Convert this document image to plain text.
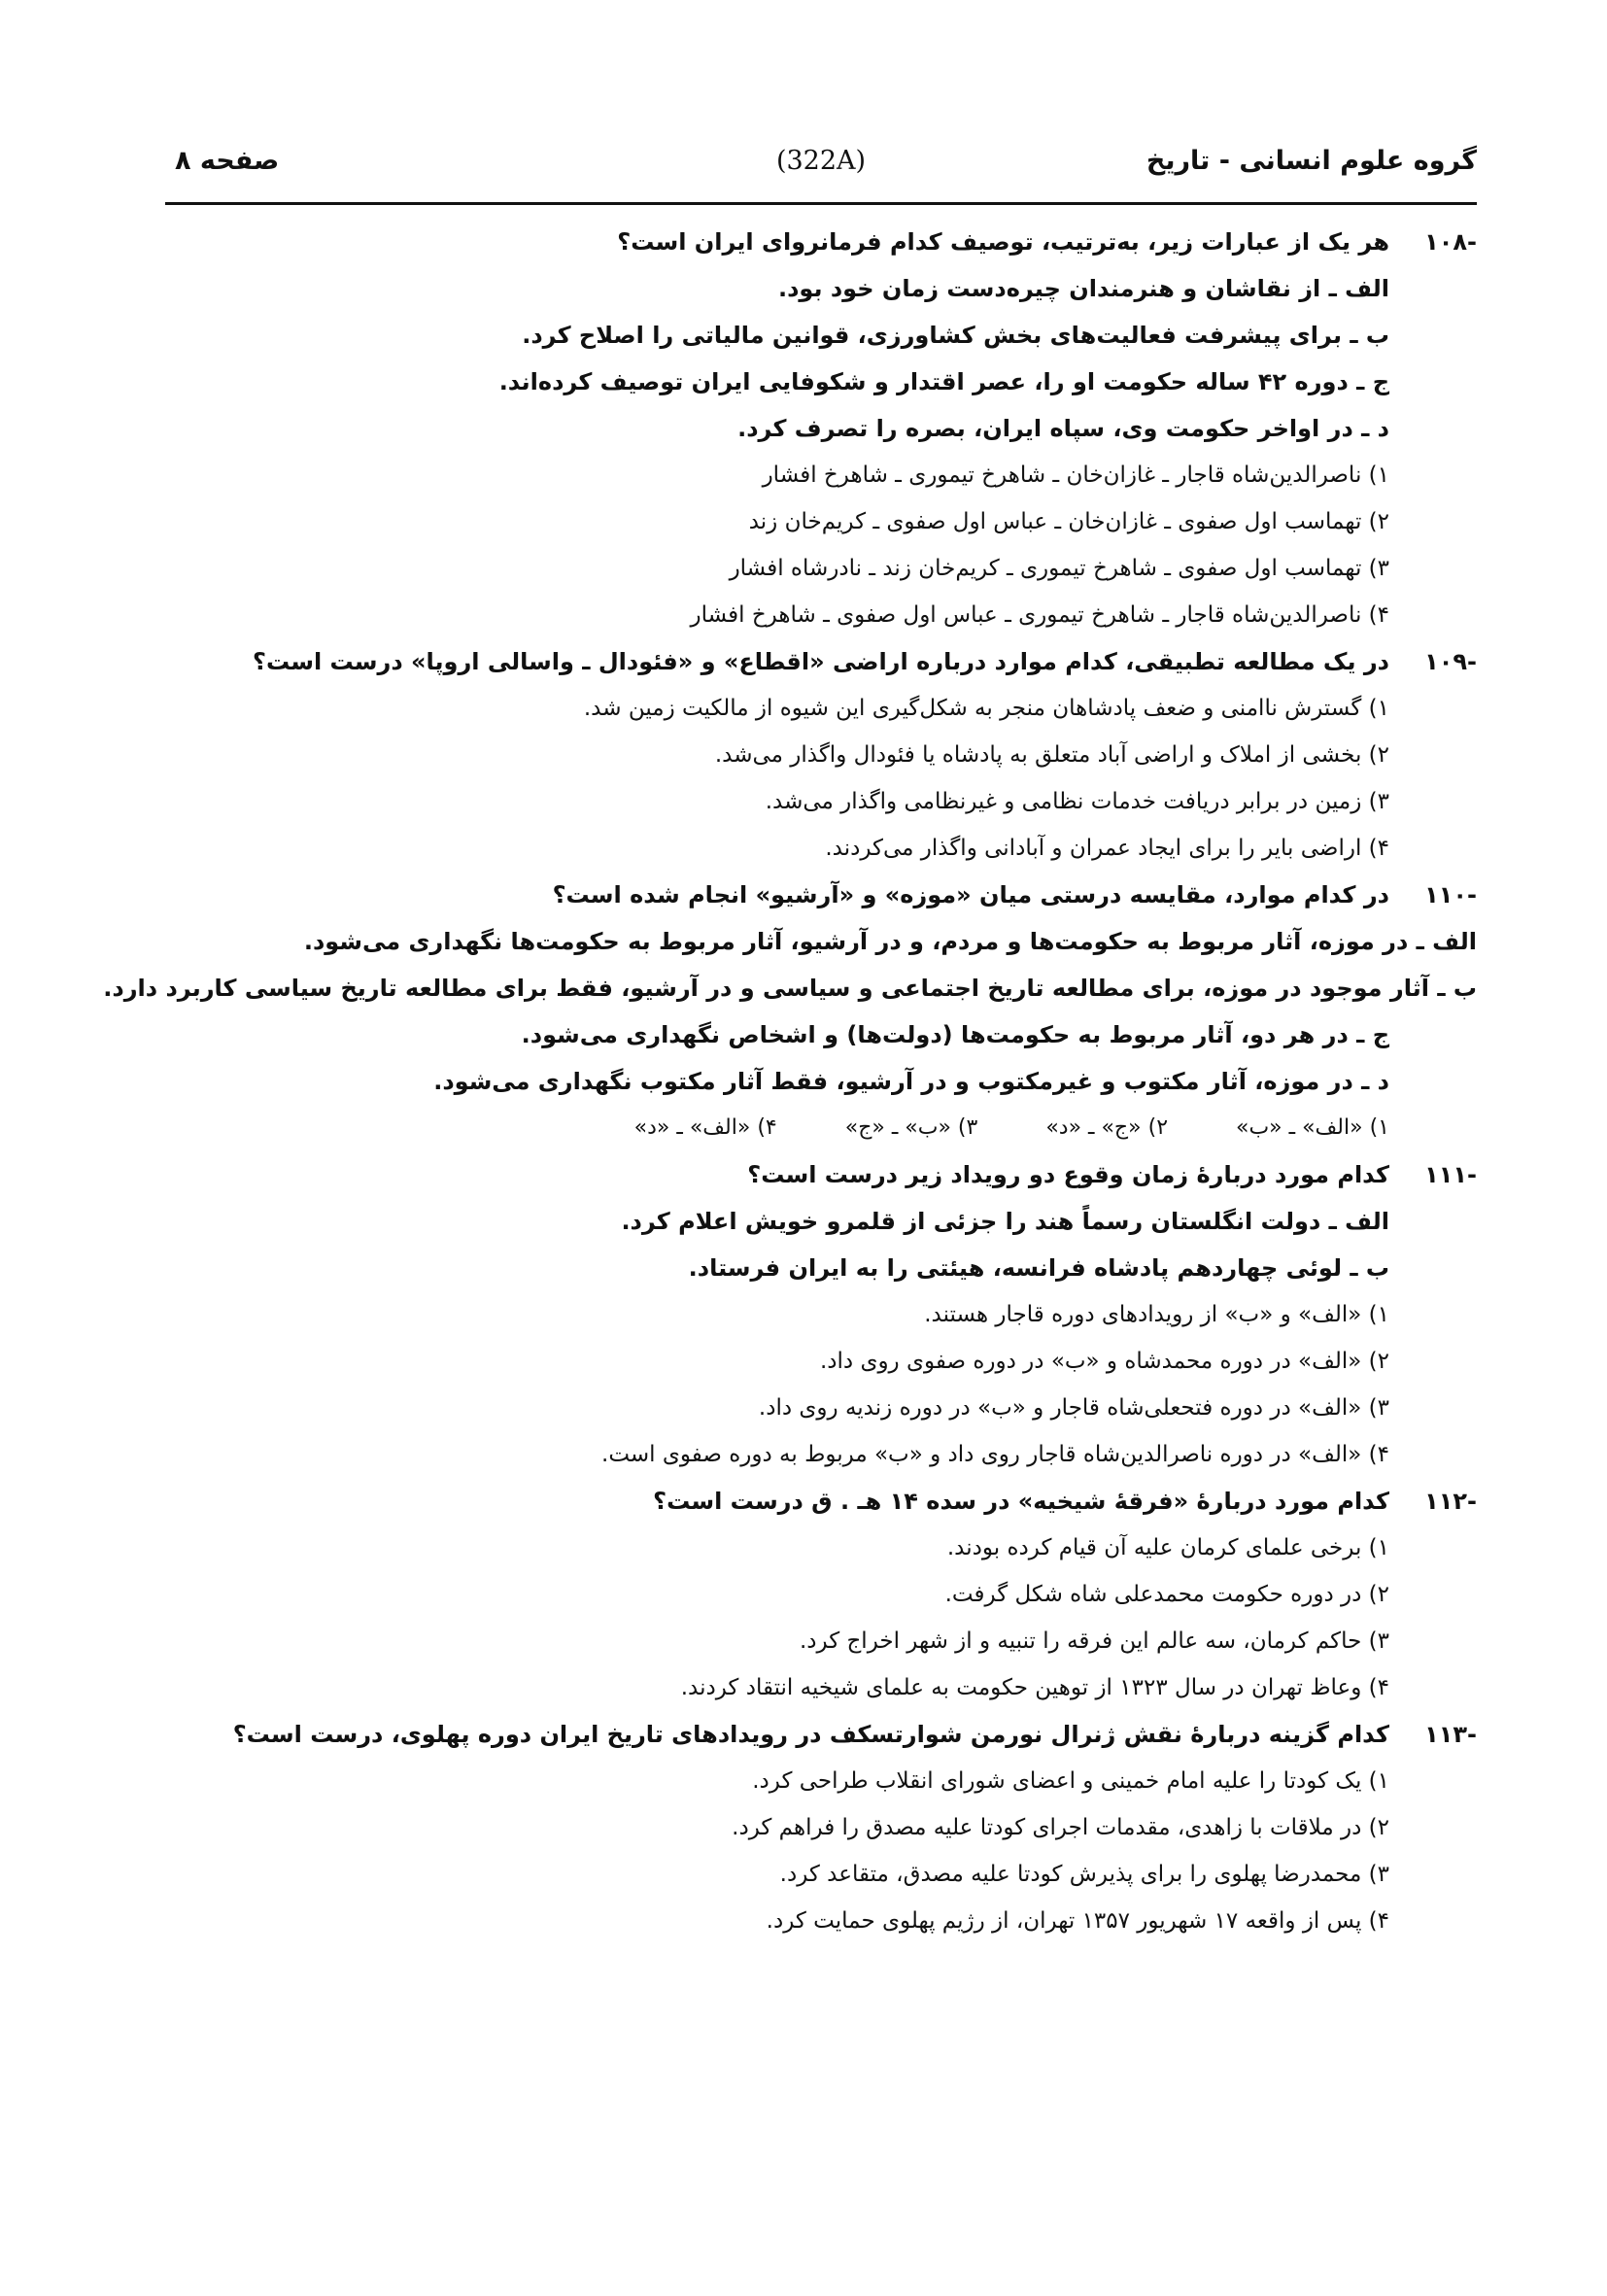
گروه علوم انسانی - تاریخ
(322A)
صفحه ۸
-۱۰۸
هر یک از عبارات زیر، به‌ترتیب، توصیف کدام فرمانروای ایران است؟
الف ـ از نقاشان و هنرمندان چیره‌دست زمان خود بود.
ب ـ برای پیشرفت فعالیت‌های بخش کشاورزی، قوانین مالیاتی را اصلاح کرد.
ج ـ دوره ۴۲ ساله حکومت او را، عصر اقتدار و شکوفایی ایران توصیف کرده‌اند.
د ـ در اواخر حکومت وی، سپاه ایران، بصره را تصرف کرد.
۱) ناصرالدین‌شاه قاجار ـ غازان‌خان ـ شاهرخ تیموری ـ شاهرخ افشار
۲) تهماسب اول صفوی ـ غازان‌خان ـ عباس اول صفوی ـ کریم‌خان زند
۳) تهماسب اول صفوی ـ شاهرخ تیموری ـ کریم‌خان زند ـ نادرشاه افشار
۴) ناصرالدین‌شاه قاجار ـ شاهرخ تیموری ـ عباس اول صفوی ـ شاهرخ افشار
-۱۰۹
در یک مطالعه تطبیقی، کدام موارد درباره اراضی «اقطاع» و «فئودال ـ واسالی اروپا» درست است؟
۱) گسترش ناامنی و ضعف پادشاهان منجر به شکل‌گیری این شیوه از مالکیت زمین شد.
۲) بخشی از املاک و اراضی آباد متعلق به پادشاه یا فئودال واگذار می‌شد.
۳) زمین در برابر دریافت خدمات نظامی و غیرنظامی واگذار می‌شد.
۴) اراضی بایر را برای ایجاد عمران و آبادانی واگذار می‌کردند.
-۱۱۰
در کدام موارد، مقایسه درستی میان «موزه» و «آرشیو» انجام شده است؟
الف ـ در موزه، آثار مربوط به حکومت‌ها و مردم، و در آرشیو، آثار مربوط به حکومت‌ها نگهداری می‌شود.
ب ـ آثار موجود در موزه، برای مطالعه تاریخ اجتماعی و سیاسی و در آرشیو، فقط برای مطالعه تاریخ سیاسی کاربرد دارد.
ج ـ در هر دو، آثار مربوط به حکومت‌ها (دولت‌ها) و اشخاص نگهداری می‌شود.
د ـ در موزه، آثار مکتوب و غیرمکتوب و در آرشیو، فقط آثار مکتوب نگهداری می‌شود.
۱) «الف» ـ «ب»
۲) «ج» ـ «د»
۳) «ب» ـ «ج»
۴) «الف» ـ «د»
-۱۱۱
کدام مورد دربارهٔ زمان وقوع دو رویداد زیر درست است؟
الف ـ دولت انگلستان رسماً هند را جزئی از قلمرو خویش اعلام کرد.
ب ـ لوئی چهاردهم پادشاه فرانسه، هیئتی را به ایران فرستاد.
۱) «الف» و «ب» از رویدادهای دوره قاجار هستند.
۲) «الف» در دوره محمدشاه و «ب» در دوره صفوی روی داد.
۳) «الف» در دوره فتحعلی‌شاه قاجار و «ب» در دوره زندیه روی داد.
۴) «الف» در دوره ناصرالدین‌شاه قاجار روی داد و «ب» مربوط به دوره صفوی است.
-۱۱۲
کدام مورد دربارهٔ «فرقهٔ شیخیه» در سده ۱۴ هـ . ق درست است؟
۱) برخی علمای کرمان علیه آن قیام کرده بودند.
۲) در دوره حکومت محمدعلی شاه شکل گرفت.
۳) حاکم کرمان، سه عالم این فرقه را تنبیه و از شهر اخراج کرد.
۴) وعاظ تهران در سال ۱۳۲۳ از توهین حکومت به علمای شیخیه انتقاد کردند.
-۱۱۳
کدام گزینه دربارهٔ نقش ژنرال نورمن شوارتسکف در رویدادهای تاریخ ایران دوره پهلوی، درست است؟
۱) یک کودتا را علیه امام خمینی و اعضای شورای انقلاب طراحی کرد.
۲) در ملاقات با زاهدی، مقدمات اجرای کودتا علیه مصدق را فراهم کرد.
۳) محمدرضا پهلوی را برای پذیرش کودتا علیه مصدق، متقاعد کرد.
۴) پس از واقعه ۱۷ شهریور ۱۳۵۷ تهران، از رژیم پهلوی حمایت کرد.
